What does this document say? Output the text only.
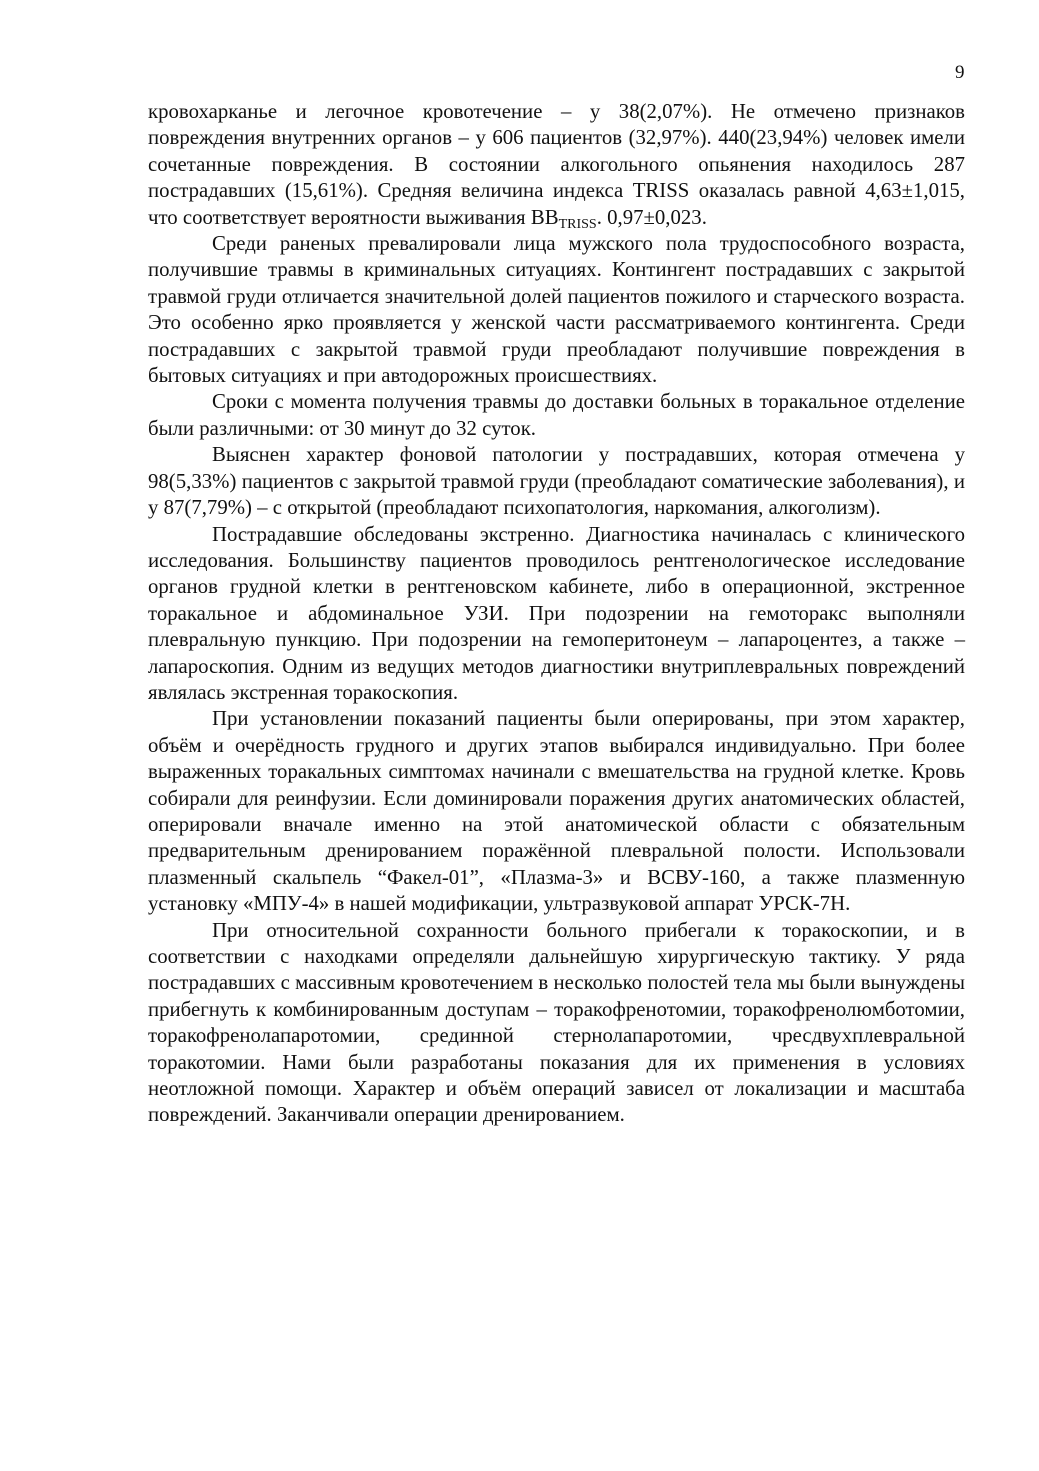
9

кровохарканье и легочное кровотечение – у 38(2,07%). Не отмечено признаков повреждения внутренних органов – у 606 пациентов (32,97%). 440(23,94%) человек имели сочетанные повреждения. В состоянии алкогольного опьянения находилось 287 пострадавших (15,61%). Средняя величина индекса TRISS оказалась равной 4,63±1,015, что соответствует вероятности выживания $BB_{TRISS}$. 0,97±0,023.

Среди раненых превалировали лица мужского пола трудоспособного возраста, получившие травмы в криминальных ситуациях. Контингент пострадавших с закрытой травмой груди отличается значительной долей пациентов пожилого и старческого возраста. Это особенно ярко проявляется у женской части рассматриваемого контингента. Среди пострадавших с закрытой травмой груди преобладают получившие повреждения в бытовых ситуациях и при автодорожных происшествиях.

Сроки с момента получения травмы до доставки больных в торакальное отделение были различными: от 30 минут до 32 суток.

Выяснен характер фоновой патологии у пострадавших, которая отмечена у 98(5,33%) пациентов с закрытой травмой груди (преобладают соматические заболевания), и у 87(7,79%) – с открытой (преобладают психопатология, наркомания, алкоголизм).

Пострадавшие обследованы экстренно. Диагностика начиналась с клинического исследования. Большинству пациентов проводилось рентгенологическое исследование органов грудной клетки в рентгеновском кабинете, либо в операционной, экстренное торакальное и абдоминальное УЗИ. При подозрении на гемоторакс выполняли плевральную пункцию. При подозрении на гемоперитонеум – лапароцентез, а также – лапароскопия. Одним из ведущих методов диагностики внутриплевральных повреждений являлась экстренная торакоскопия.

При установлении показаний пациенты были оперированы, при этом характер, объём и очерёдность грудного и других этапов выбирался индивидуально. При более выраженных торакальных симптомах начинали с вмешательства на грудной клетке. Кровь собирали для реинфузии. Если доминировали поражения других анатомических областей, оперировали вначале именно на этой анатомической области с обязательным предварительным дренированием поражённой плевральной полости. Использовали плазменный скальпель “Факел-01”, «Плазма-3» и ВСВУ-160, а также плазменную установку «МПУ-4» в нашей модификации, ультразвуковой аппарат УРСК-7Н.

При относительной сохранности больного прибегали к торакоскопии, и в соответствии с находками определяли дальнейшую хирургическую тактику. У ряда пострадавших с массивным кровотечением в несколько полостей тела мы были вынуждены прибегнуть к комбинированным доступам – торакофренотомии, торакофренолюмботомии, торакофренолапаротомии, срединной стернолапаротомии, чресдвухплевральной торакотомии. Нами были разработаны показания для их применения в условиях неотложной помощи. Характер и объём операций зависел от локализации и масштаба повреждений. Заканчивали операции дренированием.
